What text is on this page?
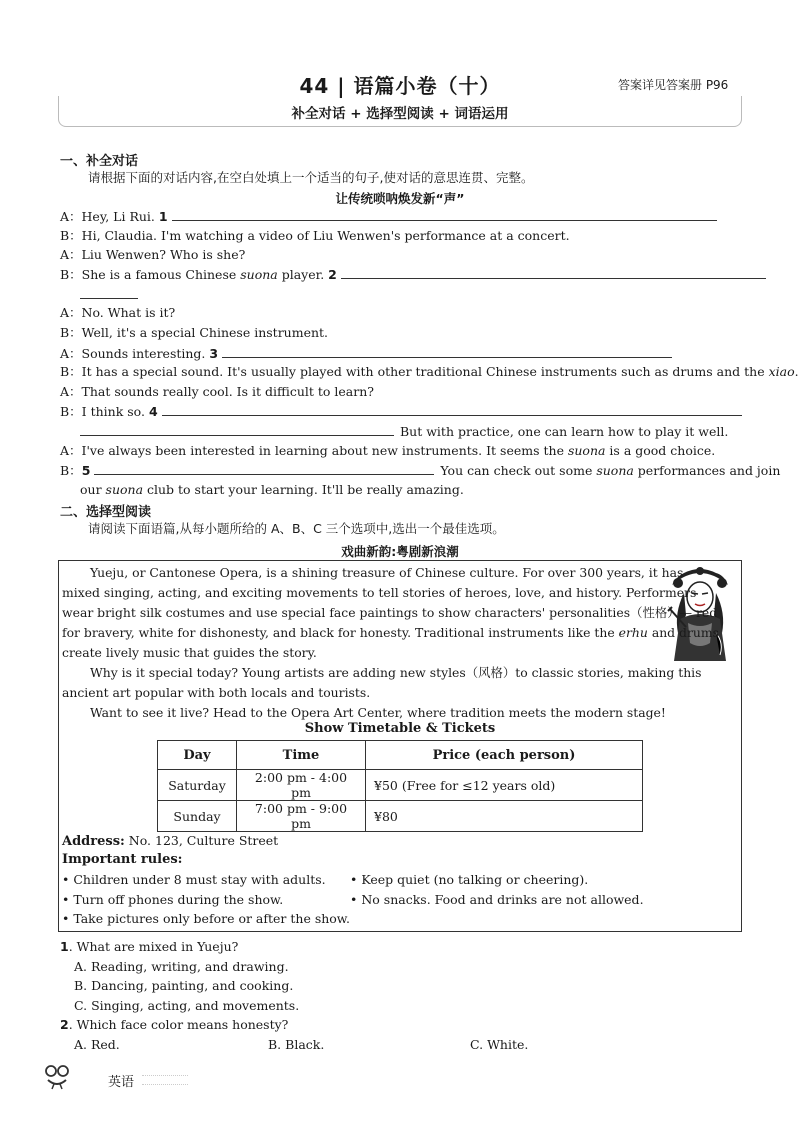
44 | 语篇小卷（十）	答案详见答案册 P96
补全对话 + 选择型阅读 + 词语运用
一、补全对话
请根据下面的对话内容,在空白处填上一个适当的句子,使对话的意思连贯、完整。
让传统唢呐焕发新“声”
A：Hey, Li Rui. 1
B：Hi, Claudia. I'm watching a video of Liu Wenwen's performance at a concert.
A：Liu Wenwen? Who is she?
B：She is a famous Chinese suona player. 2
A：No. What is it?
B：Well, it's a special Chinese instrument.
A：Sounds interesting. 3
B：It has a special sound. It's usually played with other traditional Chinese instruments such as drums and the xiao.
A：That sounds really cool. Is it difficult to learn?
B：I think so. 4
But with practice, one can learn how to play it well.
A：I've always been interested in learning about new instruments. It seems the suona is a good choice.
B：5	You can check out some suona performances and join
our suona club to start your learning. It'll be really amazing.
二、选择型阅读
请阅读下面语篇,从每小题所给的 A、B、C 三个选项中,选出一个最佳选项。
戏曲新韵:粤剧新浪潮
Yueju, or Cantonese Opera, is a shining treasure of Chinese culture. For over 300 years, it has
mixed singing, acting, and exciting movements to tell stories of heroes, love, and history. Performers
wear bright silk costumes and use special face paintings to show characters' personalities（性格）— red
for bravery, white for dishonesty, and black for honesty. Traditional instruments like the erhu and drums
create lively music that guides the story.
Why is it special today? Young artists are adding new styles（风格）to classic stories, making this
ancient art popular with both locals and tourists.
Want to see it live? Head to the Opera Art Center, where tradition meets the modern stage!
Show Timetable & Tickets
Day	Time	Price (each person)
Saturday	2:00 pm - 4:00 pm	¥50 (Free for ≤12 years old)
Sunday	7:00 pm - 9:00 pm	¥80
Address: No. 123, Culture Street
Important rules:
• Children under 8 must stay with adults. • Keep quiet (no talking or cheering).
• Turn off phones during the show.	• No snacks. Food and drinks are not allowed.
• Take pictures only before or after the show.
1. What are mixed in Yueju?
A. Reading, writing, and drawing.
B. Dancing, painting, and cooking.
C. Singing, acting, and movements.
2. Which face color means honesty?
A. Red.	B. Black.	C. White.
英语
